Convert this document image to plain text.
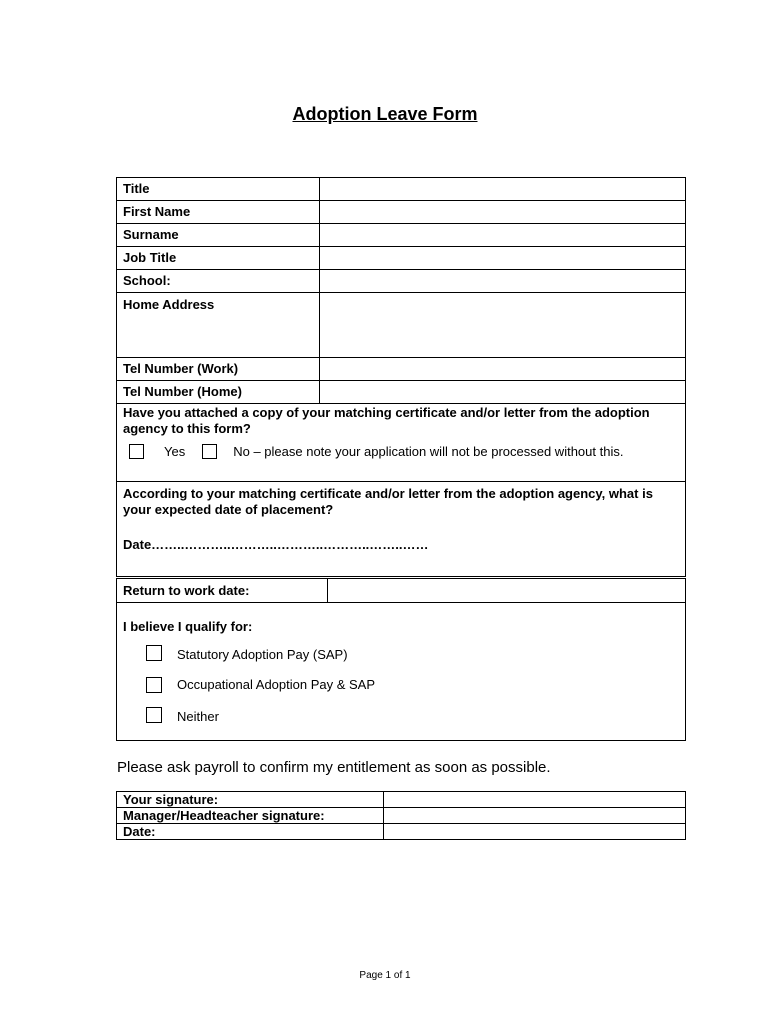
Adoption Leave Form
Title	
First Name	
Surname	
Job Title	
School:	
Home Address	
Tel Number (Work)	
Tel Number (Home)	

Have you attached a copy of your matching certificate and/or letter from the adoption agency to this form?
Yes No – please note your application will not be processed without this.	

According to your matching certificate and/or letter from the adoption agency, what is your expected date of placement?
Date……..………..………..………..………..……..……	
Return to work date:	

I believe I qualify for:
Statutory Adoption Pay (SAP)
Occupational Adoption Pay & SAP
Neither
Please ask payroll to confirm my entitlement as soon as possible.
Your signature:	
Manager/Headteacher signature:	
Date:	
Page 1 of 1
